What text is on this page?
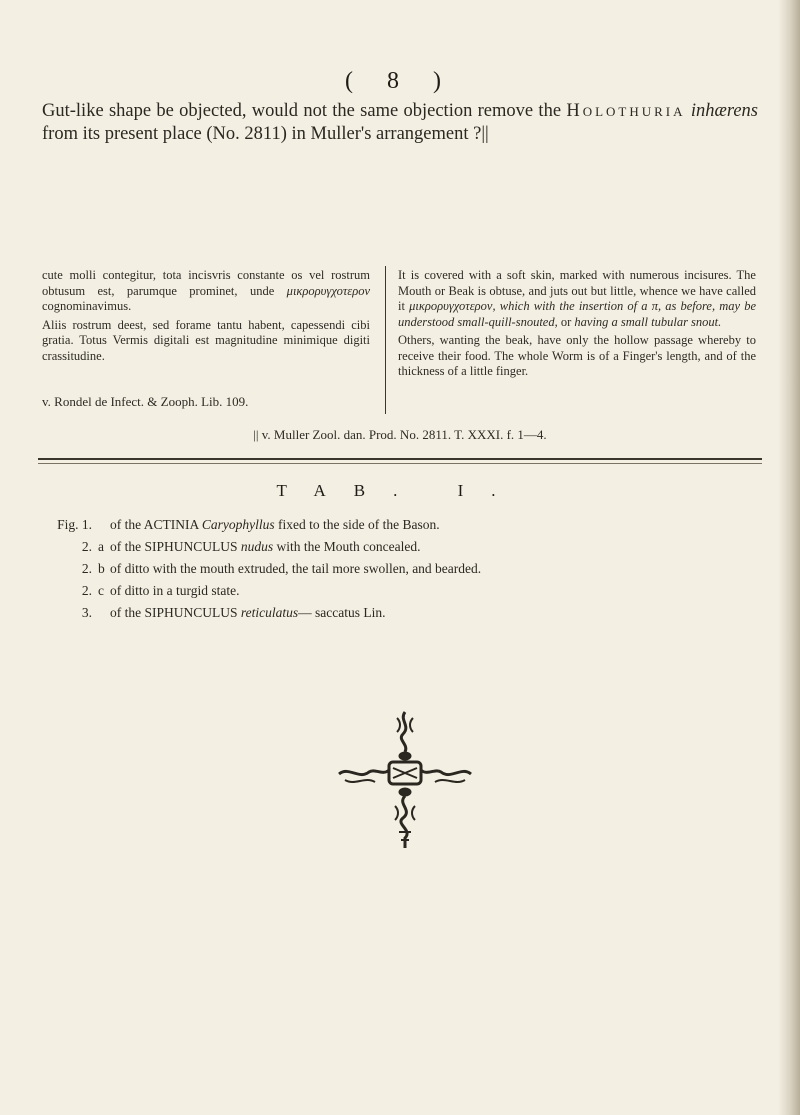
( 8 )
Gut-like shape be objected, would not the same objection remove the Holothuria inhærens from its present place (No. 2811) in Muller's arrangement ?||

cute molli contegitur, tota incisvris constante os vel rostrum obtusum est, parumque prominet, unde μικρορυγχοτερον cognominavimus.

Aliis rostrum deest, sed forame tantu habent, capessendi cibi gratia. Totus Vermis digitali est magnitudine minimique digiti crassitudine.

v. Rondel de Infect. & Zooph. Lib. 109.

It is covered with a soft skin, marked with numerous incisures. The Mouth or Beak is obtuse, and juts out but little, whence we have called it μικρορυγχοτερον, which with the insertion of a π, as before, may be understood small-quill-snouted, or having a small tubular snout.

Others, wanting the beak, have only the hollow passage whereby to receive their food. The whole Worm is of a Finger's length, and of the thickness of a little finger.

|| v. Muller Zool. dan. Prod. No. 2811. T. XXXI. f. 1—4.
TAB. I.
Fig. 1.	of the ACTINIA Caryophyllus fixed to the side of the Bason.
2. a of the SIPHUNCULUS nudus with the Mouth concealed.
2. b of ditto with the mouth extruded, the tail more swollen, and bearded.
2. c of ditto in a turgid state.
3.	of the SIPHUNCULUS reticulatus— saccatus Lin.
